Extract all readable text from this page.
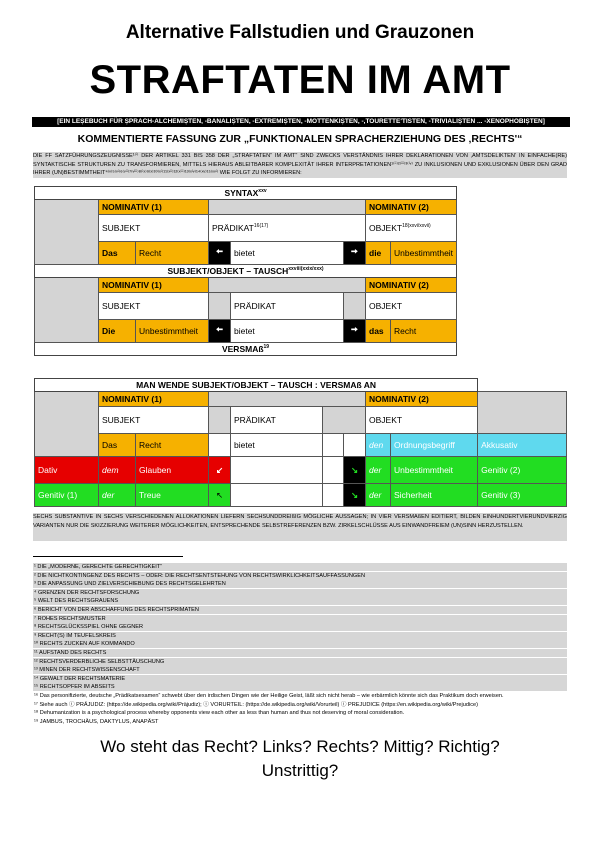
Alternative Fallstudien und Grauzonen
STRAFTATEN IM AMT
[EIN LEȘEBUCH FÜR ȘPRACH-ALCHEMIȘTEN, -BANALIȘTEN, -EXTREMIȘTEN, -MOTTENKIȘTEN, -,TOURETTE'TISTEN, -TRIVIALIȘTEN ... -XENOPHOBIȘTEN]
KOMMENTIERTE FASSUNG ZUR „FUNKTIONALEN SPRACHERZIEHUNG DES ‚RECHTS'“
DIE FF SATZFÜHRUNGSZEUGNISSE¹⁽ⁱ⁾ DER ARTIKEL 331 BIS 358 DER „STRAFTATEN“ IM AMT“ SIND ZWECKS VERSTÄNDNIS IHRER DEKLARATIONEN VON ‚AMTSDELIKTEN‘ IN EINFACHE(RE) SYNTAKTISCHE STRUKTUREN ZU TRANSFORMIEREN, MITTELS HIERAUS ABLEITBARER KOMPLEXITÄT IHRER INTERPRETATIONEN¹⁽ⁱⁱ⁾²⁽ⁱⁱⁱ⁾³⁽ⁱᵛ⁾ ZU INKLUSIONEN UND EXKLUSIONEN ÜBER DEN GRAD IHRER (UN)BESTIMMTHEIT⁴⁽ᵛ⁾⁵⁽ᵛⁱ⁾⁶⁽ᵛⁱⁱ⁾⁷⁽ᵛⁱⁱⁱ⁾⁸⁽ⁱˣ⁾⁹⁽ˣ⁾¹⁰⁽ˣⁱ⁾¹¹⁽ˣⁱⁱ⁾¹²⁽ˣⁱⁱⁱ⁾¹³⁽ˣⁱᵛ⁾¹⁴⁽ˣᵛ⁾¹⁵⁽ˣᵛⁱ⁾ WIE FOLGT ZU INFORMIEREN:
SYNTAX$^{xxv}$
	NOMINATIV (1)					NOMINATIV (2)	
	SUBJEKT		$PRÄDIKAT^{16(17)}$			$OBJEKT^{18(xxvi/xxvii)}$
	Das	Recht	🠨	bietet	🠪	die	Unbestimmtheit
SUBJEKT/OBJEKT – $TAUSCH^{xxviii(xxix/xxx)}$
	NOMINATIV (1)					NOMINATIV (2)	
	SUBJEKT			PRÄDIKAT		OBJEKT	
	Die	Unbestimmtheit	🠨	bietet	🠪	das	Recht
VERSMAß$^{19}$
MAN WENDE SUBJEKT/OBJEKT – TAUSCH : VERSMAß AN									
	NOMINATIV (1)						NOMINATIV (2)		
	SUBJEKT			PRÄDIKAT			OBJEKT		
	Das	Recht		bietet			den	Ordnungsbegriff	Akkusativ
Dativ	dem	Glauben	↙			↘	der	Unbestimmtheit	Genitiv (2)
Genitiv (1)	der	Treue	↖			↘	der	Sicherheit	Genitiv (3)
SECHS SUBSTANTIVE IN SECHS VERSCHIEDENEN ALLOKATIONEN LIEFERN SECHSUNDDREIßIG MÖGLICHE AUSSAGEN; IN VIER VERSMAßEN EDITIERT, BILDEN EINHUNDERTVIERUNDVIERZIG VARIANTEN NUR DIE SKIZZIERUNG WEITERER MÖGLICHKEITEN, ENTSPRECHENDE SELBSTREFERENZEN BZW. ZIRKELSCHLÜSSE AUS EINWANDFREIEM (UN)SINN HERZUSTELLEN.
¹ DIE „MODERNE, GERECHTE GERECHTIGKEIT“
² DIE NICHTKONTINGENZ DES RECHTS – ODER: DIE RECHTSENTSTEHUNG VON RECHTSWIRKLICHKEITSAUFFASSUNGEN
³ DIE ANPASSUNG UND ZIELVERSCHIEBUNG DES RECHTSGELEHRTEN
⁴ GRENZEN DER RECHTSFORSCHUNG
⁵ WELT DES RECHTSGRAUENS
⁶ BERICHT VON DER ABSCHAFFUNG DES RECHTSPRIMATEN
⁷ ROHES RECHTSMUSTER
⁸ RECHTSGLÜCKSSPIEL OHNE GEGNER
⁹ RECHT(S) IM TEUFELSKREIS
¹⁰ RECHTS ZUCKEN AUF KOMMANDO
¹¹ AUFSTAND DES RECHTS
¹² RECHTSVERDERBLICHE SELBSTTÄUSCHUNG
¹³ MINEN DER RECHTSWISSENSCHAFT
¹⁴ GEWALT DER RECHTSMATERIE
¹⁵ RECHTSOPFER IM ABSEITS
¹⁶ Das personifizierte, deutsche „Prädikatsexamen“ schwebt über den irdischen Dingen wie der Heilige Geist, läßt sich nicht herab – wie erbärmlich könnte sich das Praktikum doch erweisen.
¹⁷ Siehe auch ⓘ PRÄJUDIZ: (https://de.wikipedia.org/wiki/Präjudiz); ⓘ VORURTEIL: (https://de.wikipedia.org/wiki/Vorurteil) ⓘ PREJUDICE (https://en.wikipedia.org/wiki/Prejudice)
¹⁸ Dehumanization is a psychological process whereby opponents view each other as less than human and thus not deserving of moral consideration.
¹⁹ JAMBUS, TROCHÄUS, DAKTYLUS, ANAPÄST
Wo steht das Recht? Links? Rechts? Mittig? Richtig?
Unstrittig?
